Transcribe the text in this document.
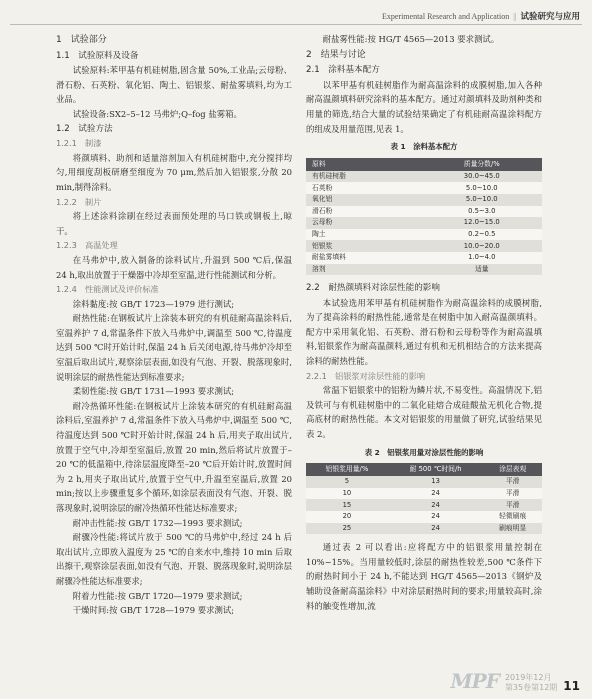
Experimental Research and Application || 试验研究与应用
1　试验部分
1.1　试验原料及设备

试验原料:苯甲基有机硅树脂,固含量 50%,工业品;云母粉、滑石粉、石英粉、氧化铝、陶土、铝银浆、耐盐雾填料,均为工业品。

试验设备:SX2–5–12 马弗炉;Q–fog 盐雾箱。

1.2　试验方法
1.2.1　制漆

将颜填料、助剂和适量溶剂加入有机硅树脂中,充分搅拌均匀,用细度刮板研磨至细度为 70 μm,然后加入铝银浆,分散 20 min,制得涂料。

1.2.2　制片

将上述涂料涂刷在经过表面预处理的马口铁或钢板上,晾干。

1.2.3　高温处理

在马弗炉中,放入制备的涂料试片,升温到 500 ℃后,保温 24 h,取出放置于干燥器中冷却至室温,进行性能测试和分析。

1.2.4　性能测试及评价标准

涂料黏度:按 GB/T 1723—1979 进行测试;

耐热性能:在钢板试片上涂装本研究的有机硅耐高温涂料后,室温养护 7 d,常温条件下放入马弗炉中,调温至 500 ℃,待温度达到 500 ℃时开始计时,保温 24 h 后关闭电源,待马弗炉冷却至室温后取出试片,观察涂层表面,如没有气泡、开裂、脱落现象时,说明涂层的耐热性能达到标准要求;

柔韧性能:按 GB/T 1731—1993 要求测试;

耐冷热循环性能:在钢板试片上涂装本研究的有机硅耐高温涂料后,室温养护 7 d,常温条件下放入马弗炉中,调温至 500 ℃,待温度达到 500 ℃时开始计时,保温 24 h 后,用夹子取出试片,放置于空气中,冷却至室温后,放置 20 min,然后将试片放置于–20 ℃的低温箱中,待涂层温度降至–20 ℃后开始计时,放置时间为 2 h,用夹子取出试片,放置于空气中,升温至室温后,放置 20 min;按以上步骤重复多个循环,如涂层表面没有气泡、开裂、脱落现象时,说明涂层的耐冷热循环性能达标准要求;

耐冲击性能:按 GB/T 1732—1993 要求测试;

耐骤冷性能:将试片放于 500 ℃的马弗炉中,经过 24 h 后取出试片,立即放入温度为 25 ℃的自来水中,维持 10 min 后取出擦干,观察涂层表面,如没有气泡、开裂、脱落现象时,说明涂层耐骤冷性能达标准要求;

附着力性能:按 GB/T 1720—1979 要求测试;

干燥时间:按 GB/T 1728—1979 要求测试;

耐盐雾性能:按 HG/T 4565—2013 要求测试。

2　结果与讨论
2.1　涂料基本配方

以苯甲基有机硅树脂作为耐高温涂料的成膜树脂,加入各种耐高温颜填料研究涂料的基本配方。通过对颜填料及助剂种类和用量的筛选,结合大量的试验结果确定了有机硅耐高温涂料配方的组成及用量范围,见表 1。

表 1　涂料基本配方
原料	质量分数/%
有机硅树脂	30.0~45.0
石英粉	5.0~10.0
氧化铝	5.0~10.0
滑石粉	0.5~3.0
云母粉	12.0~15.0
陶土	0.2~0.5
铝银浆	10.0~20.0
耐盐雾填料	1.0~4.0
溶剂	适量
2.2　耐热颜填料对涂层性能的影响

本试验选用苯甲基有机硅树脂作为耐高温涂料的成膜树脂,为了提高涂料的耐热性能,通常是在树脂中加入耐高温颜填料。配方中采用氧化铝、石英粉、滑石粉和云母粉等作为耐高温填料,铝银浆作为耐高温颜料,通过有机和无机相结合的方法来提高涂料的耐热性能。

2.2.1　铝银浆对涂层性能的影响

常温下铝银浆中的铝粉为鳞片状,不易变性。高温情况下,铝及铁可与有机硅树脂中的二氧化硅熔合成硅酸盐无机化合物,提高底材的耐热性能。本文对铝银浆的用量做了研究,试验结果见表 2。

表 2　铝银浆用量对涂层性能的影响
铝银浆用量/%	耐 500 ℃时间/h	涂层表观
5	13	平滑
10	24	平滑
15	24	平滑
20	24	轻微刷痕
25	24	刷痕明显

通过表 2 可以看出:应将配方中的铝银浆用量控制在 10%~15%。当用量较低时,涂层的耐热性较差,500 ℃条件下的耐热时间小于 24 h,不能达到 HG/T 4565—2013《钢炉及辅助设备耐高温涂料》中对涂层耐热时间的要求;用量较高时,涂料的触变性增加,流

MPF 2019年12月
第35卷第12期 11
